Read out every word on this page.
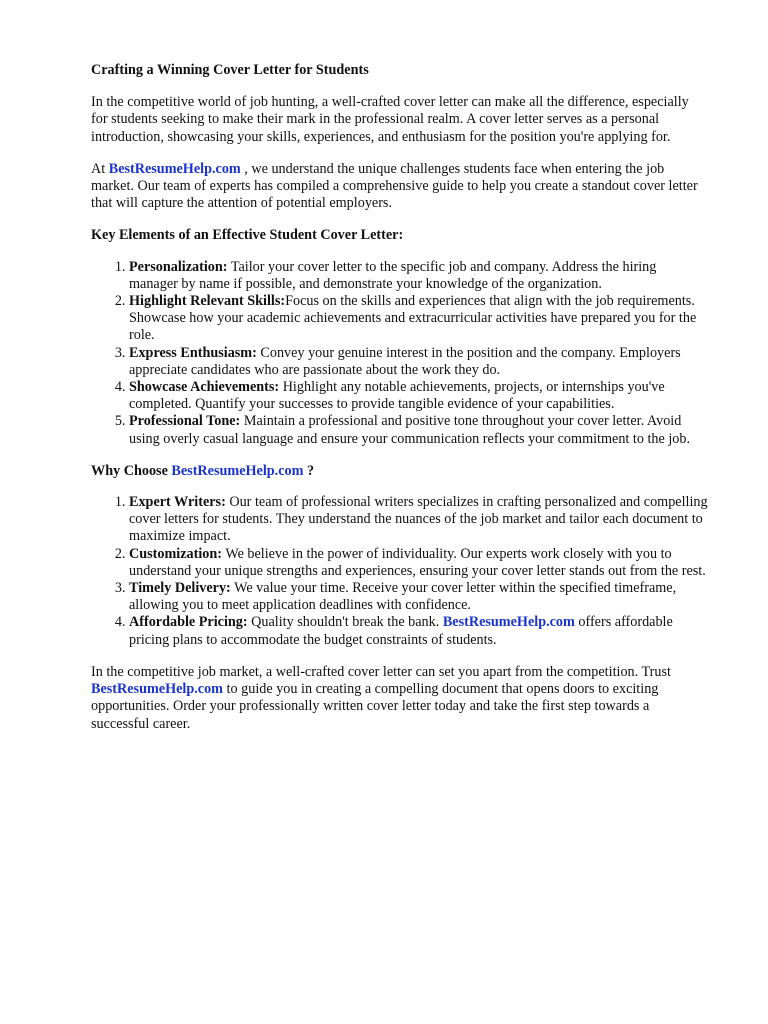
Crafting a Winning Cover Letter for Students

In the competitive world of job hunting, a well-crafted cover letter can make all the difference, especially for students seeking to make their mark in the professional realm. A cover letter serves as a personal introduction, showcasing your skills, experiences, and enthusiasm for the position you're applying for.

At BestResumeHelp.com , we understand the unique challenges students face when entering the job market. Our team of experts has compiled a comprehensive guide to help you create a standout cover letter that will capture the attention of potential employers.

Key Elements of an Effective Student Cover Letter:
1. Personalization: Tailor your cover letter to the specific job and company. Address the hiring manager by name if possible, and demonstrate your knowledge of the organization.
2. Highlight Relevant Skills:Focus on the skills and experiences that align with the job requirements. Showcase how your academic achievements and extracurricular activities have prepared you for the role.
3. Express Enthusiasm: Convey your genuine interest in the position and the company. Employers appreciate candidates who are passionate about the work they do.
4. Showcase Achievements: Highlight any notable achievements, projects, or internships you've completed. Quantify your successes to provide tangible evidence of your capabilities.
5. Professional Tone: Maintain a professional and positive tone throughout your cover letter. Avoid using overly casual language and ensure your communication reflects your commitment to the job.
Why Choose BestResumeHelp.com ?
1. Expert Writers: Our team of professional writers specializes in crafting personalized and compelling cover letters for students. They understand the nuances of the job market and tailor each document to maximize impact.
2. Customization: We believe in the power of individuality. Our experts work closely with you to understand your unique strengths and experiences, ensuring your cover letter stands out from the rest.
3. Timely Delivery: We value your time. Receive your cover letter within the specified timeframe, allowing you to meet application deadlines with confidence.
4. Affordable Pricing: Quality shouldn't break the bank. BestResumeHelp.com offers affordable pricing plans to accommodate the budget constraints of students.

In the competitive job market, a well-crafted cover letter can set you apart from the competition. Trust BestResumeHelp.com to guide you in creating a compelling document that opens doors to exciting opportunities. Order your professionally written cover letter today and take the first step towards a successful career.
